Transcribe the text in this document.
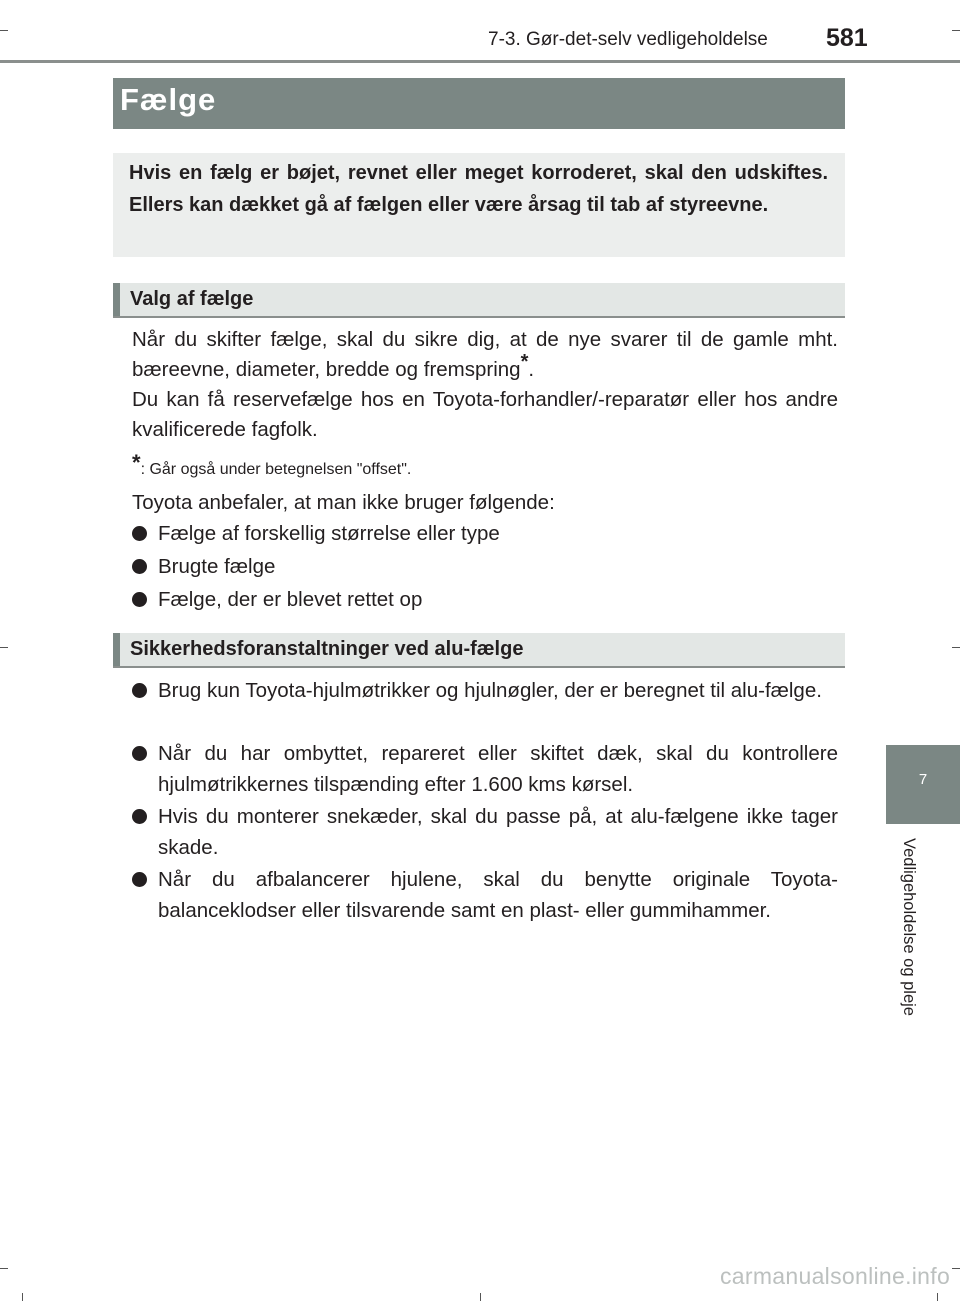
7-3. Gør-det-selv vedligeholdelse 581
Fælge
Hvis en fælg er bøjet, revnet eller meget korroderet, skal den udskiftes. Ellers kan dækket gå af fælgen eller være årsag til tab af styreevne.
Valg af fælge
Når du skifter fælge, skal du sikre dig, at de nye svarer til de gamle mht. bæreevne, diameter, bredde og fremspring*.
Du kan få reservefælge hos en Toyota-forhandler/-reparatør eller hos andre kvalificerede fagfolk.
*: Går også under betegnelsen "offset".
Toyota anbefaler, at man ikke bruger følgende:
Fælge af forskellig størrelse eller type
Brugte fælge
Fælge, der er blevet rettet op
Sikkerhedsforanstaltninger ved alu-fælge
Brug kun Toyota-hjulmøtrikker og hjulnøgler, der er beregnet til alu-fælge.
Når du har ombyttet, repareret eller skiftet dæk, skal du kontrollere hjulmøtrikkernes tilspænding efter 1.600 kms kørsel.
Hvis du monterer snekæder, skal du passe på, at alu-fælgene ikke tager skade.
Når du afbalancerer hjulene, skal du benytte originale Toyota-balanceklodser eller tilsvarende samt en plast- eller gummihammer.
7
Vedligeholdelse og pleje
carmanualsonline.info
